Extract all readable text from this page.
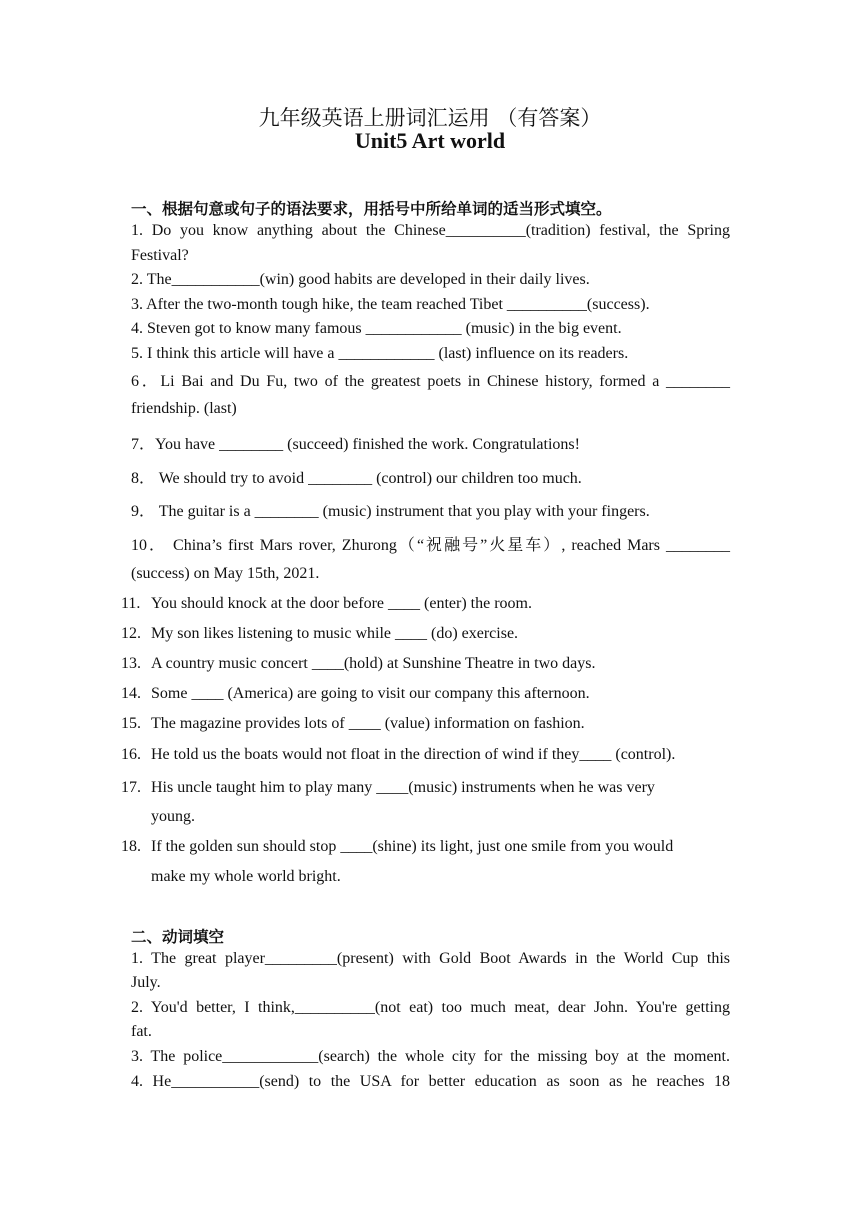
九年级英语上册词汇运用 （有答案）
Unit5 Art world
一、根据句意或句子的语法要求，用括号中所给单词的适当形式填空。
1. Do you know anything about the Chinese__________(tradition) festival, the Spring
Festival?
2. The___________(win) good habits are developed in their daily lives.
3. After the two-month tough hike, the team reached Tibet __________(success).
4. Steven got to know many famous ____________ (music) in the big event.
5. I think this article will have a ____________ (last) influence on its readers.
6．Li Bai and Du Fu, two of the greatest poets in Chinese history, formed a ________
friendship. (last)
7．You have ________ (succeed) finished the work. Congratulations!
8． We should try to avoid ________ (control) our children too much.
9． The guitar is a ________ (music) instrument that you play with your fingers.
10． China’s first Mars rover, Zhurong（“祝融号”火星车）, reached Mars ________
(success) on May 15th, 2021.
11. You should knock at the door before ____ (enter) the room.
12. My son likes listening to music while ____ (do) exercise.
13. A country music concert ____(hold) at Sunshine Theatre in two days.
14. Some ____ (America) are going to visit our company this afternoon.
15. The magazine provides lots of ____ (value) information on fashion.
16. He told us the boats would not float in the direction of wind if they____ (control).
17. His uncle taught him to play many ____(music) instruments when he was very
young.
18. If the golden sun should stop ____(shine) its light, just one smile from you would
make my whole world bright.
二、动词填空
1. The great player_________(present) with Gold Boot Awards in the World Cup this
July.
2. You'd better, I think,__________(not eat) too much meat, dear John. You're getting
fat.
3. The police____________(search) the whole city for the missing boy at the moment.
4. He___________(send) to the USA for better education as soon as he reaches 18
